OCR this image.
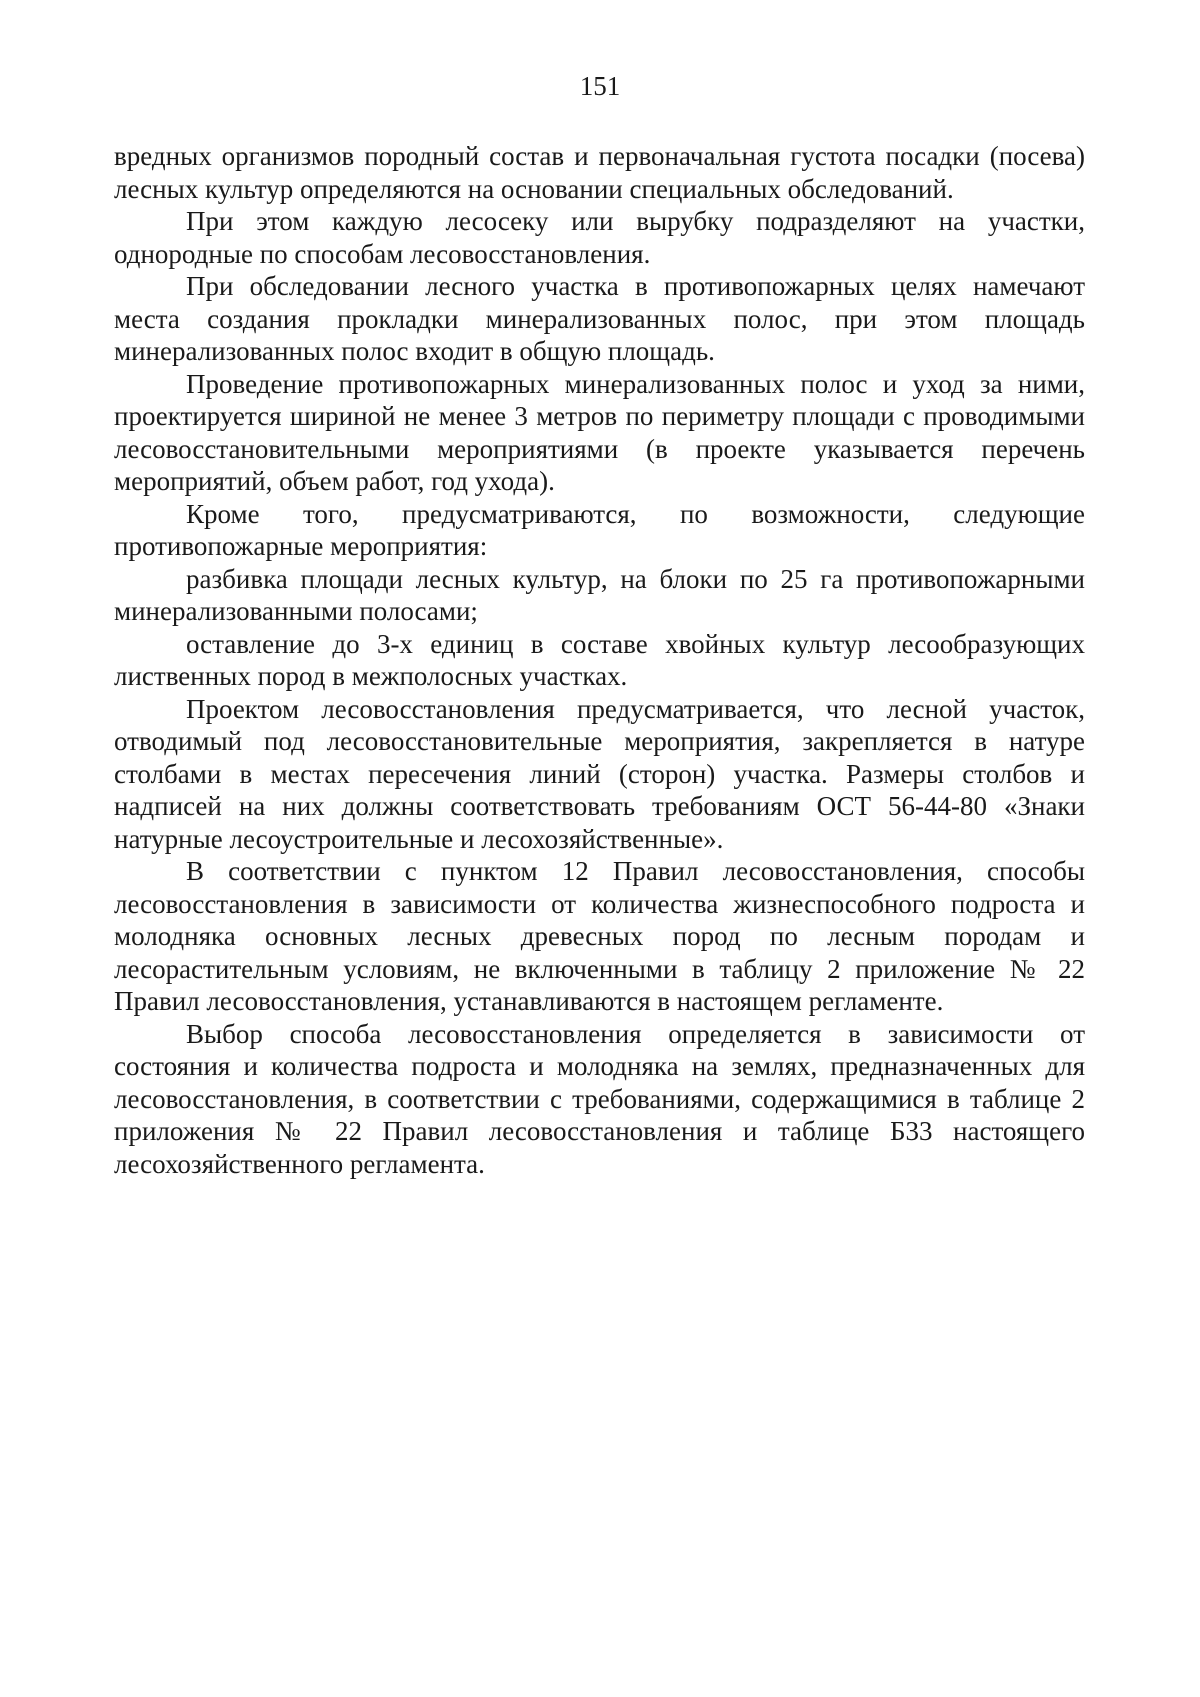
151

вредных организмов породный состав и первоначальная густота посадки (посева) лесных культур определяются на основании специальных обследований.

При этом каждую лесосеку или вырубку подразделяют на участки, однородные по способам лесовосстановления.

При обследовании лесного участка в противопожарных целях намечают места создания прокладки минерализованных полос, при этом площадь минерализованных полос входит в общую площадь.

Проведение противопожарных минерализованных полос и уход за ними, проектируется шириной не менее 3 метров по периметру площади с проводимыми лесовосстановительными мероприятиями (в проекте указывается перечень мероприятий, объем работ, год ухода).

Кроме того, предусматриваются, по возможности, следующие противопожарные мероприятия:

разбивка площади лесных культур, на блоки по 25 га противопожарными минерализованными полосами;

оставление до 3-х единиц в составе хвойных культур лесообразующих лиственных пород в межполосных участках.

Проектом лесовосстановления предусматривается, что лесной участок, отводимый под лесовосстановительные мероприятия, закрепляется в натуре столбами в местах пересечения линий (сторон) участка. Размеры столбов и надписей на них должны соответствовать требованиям ОСТ 56-44-80 «Знаки натурные лесоустроительные и лесохозяйственные».

В соответствии с пунктом 12 Правил лесовосстановления, способы лесовосстановления в зависимости от количества жизнеспособного подроста и молодняка основных лесных древесных пород по лесным породам и лесорастительным условиям, не включенными в таблицу 2 приложение № 22 Правил лесовосстановления, устанавливаются в настоящем регламенте.

Выбор способа лесовосстановления определяется в зависимости от состояния и количества подроста и молодняка на землях, предназначенных для лесовосстановления, в соответствии с требованиями, содержащимися в таблице 2 приложения № 22 Правил лесовосстановления и таблице Б33 настоящего лесохозяйственного регламента.
